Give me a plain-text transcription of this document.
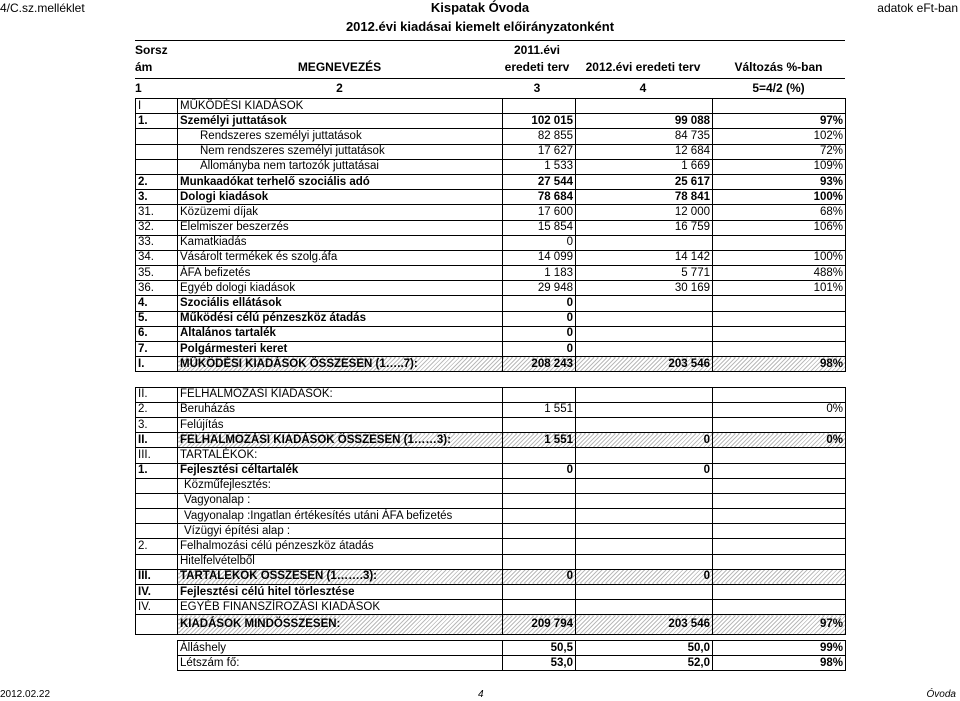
4/C.sz.melléklet	adatok eFt-ban
Kispatak Óvoda
2012.évi kiadásai kiemelt előirányzatonként
Sorszám	MEGNEVEZÉS
2011.évi eredeti terv	2012.évi eredeti terv	Változás %-ban
1	2	3	4	5=4/2 (%)
I	MŰKÖDÉSI KIADÁSOK			
1.	Személyi juttatások	102 015	99 088	97%
	Rendszeres személyi juttatások	82 855	84 735	102%
	Nem rendszeres személyi juttatások	17 627	12 684	72%
	Állományba nem tartozók juttatásai	1 533	1 669	109%
2.	Munkaadókat terhelő szociális adó	27 544	25 617	93%
3.	Dologi kiadások	78 684	78 841	100%
31.	Közüzemi díjak	17 600	12 000	68%
32.	Élelmiszer beszerzés	15 854	16 759	106%
33.	Kamatkiadás	0		
34.	Vásárolt termékek és szolg.áfa	14 099	14 142	100%
35.	ÁFA befizetés	1 183	5 771	488%
36.	Egyéb dologi kiadások	29 948	30 169	101%
4.	Szociális ellátások	0		
5.	Működési célú pénzeszköz átadás	0		
6.	Általános tartalék	0		
7.	Polgármesteri keret	0		
I.	MŰKÖDÉSI KIADÁSOK ÖSSZESEN (1…..7):	208 243	203 546	98%

II.	FELHALMOZÁSI KIADÁSOK:			
2.	Beruházás	1 551		0%
3.	Felújítás			
II.	FELHALMOZÁSI KIADÁSOK ÖSSZESEN (1……3):	1 551	0	0%
III.	TARTALÉKOK:			
1.	Fejlesztési céltartalék	0	0	
	Közműfejlesztés:			
	Vagyonalap :			
	Vagyonalap :Ingatlan értékesítés utáni ÁFA befizetés			
	Vízügyi építési alap :			
2.	Felhalmozási célú pénzeszköz átadás			
	Hitelfelvételből			
III.	TARTALÉKOK ÖSSZESEN (1…….3):	0	0	
IV.	Fejlesztési célú hitel törlesztése			
IV.	EGYÉB FINANSZÍROZÁSI KIADÁSOK			
	KIADÁSOK MINDÖSSZESEN:	209 794	203 546	97%
Álláshely	50,5	50,0	99%
Létszám fő:	53,0	52,0	98%
2012.02.22	4	Óvoda
